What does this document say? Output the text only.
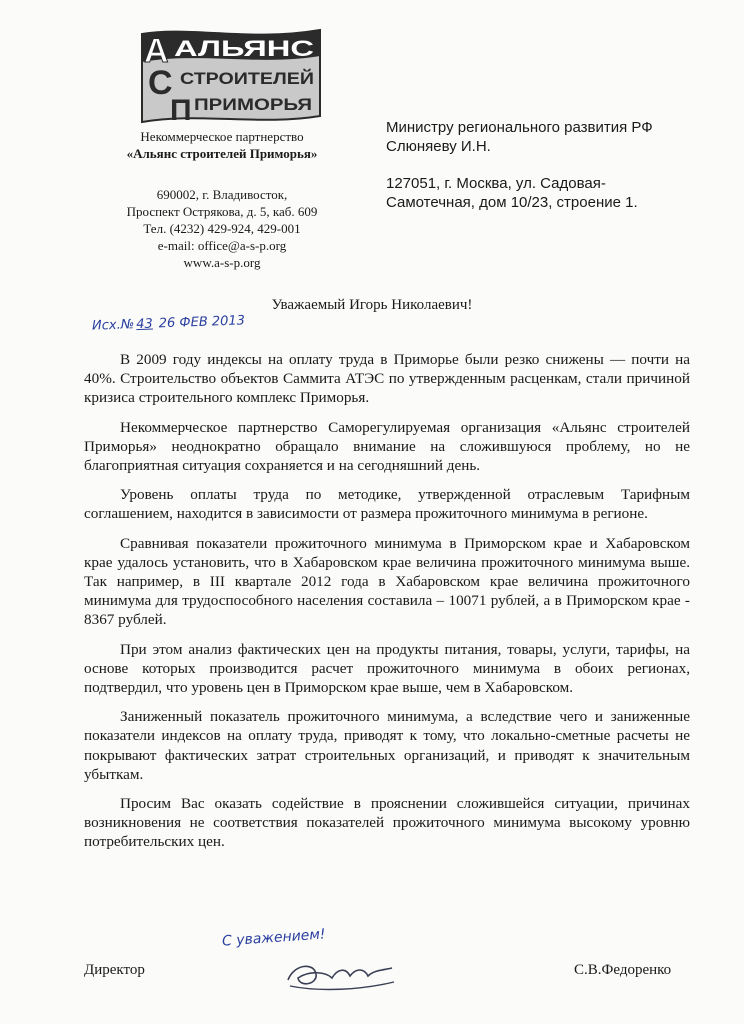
А АЛЬЯНС
С СТРОИТЕЛЕЙ
П ПРИМОРЬЯ
Некоммерческое партнерство
«Альянс строителей Приморья»
690002, г. Владивосток,
Проспект Острякова, д. 5, каб. 609
Тел. (4232) 429-924, 429-001
e-mail: office@a-s-p.org
www.a-s-p.org
Министру регионального развития РФ
Слюняеву И.Н.
127051, г. Москва, ул. Садовая-
Самотечная, дом 10/23, строение 1.
Исх.№43 26 ФЕВ 2013
Уважаемый Игорь Николаевич!

В 2009 году индексы на оплату труда в Приморье были резко снижены — почти на 40%. Строительство объектов Саммита АТЭС по утвержденным расценкам, стали причиной кризиса строительного комплекс Приморья.

Некоммерческое партнерство Саморегулируемая организация «Альянс строителей Приморья» неоднократно обращало внимание на сложившуюся проблему, но не благоприятная ситуация сохраняется и на сегодняшний день.

Уровень оплаты труда по методике, утвержденной отраслевым Тарифным соглашением, находится в зависимости от размера прожиточного минимума в регионе.

Сравнивая показатели прожиточного минимума в Приморском крае и Хабаровском крае удалось установить, что в Хабаровском крае величина прожиточного минимума выше. Так например, в III квартале 2012 года в Хабаровском крае величина прожиточного минимума для трудоспособного населения составила – 10071 рублей, а в Приморском крае - 8367 рублей.

При этом анализ фактических цен на продукты питания, товары, услуги, тарифы, на основе которых производится расчет прожиточного минимума в обоих регионах, подтвердил, что уровень цен в Приморском крае выше, чем в Хабаровском.

Заниженный показатель прожиточного минимума, а вследствие чего и заниженные показатели индексов на оплату труда, приводят к тому, что локально-сметные расчеты не покрывают фактических затрат строительных организаций, и приводят к значительным убыткам.

Просим Вас оказать содействие в прояснении сложившейся ситуации, причинах возникновения не соответствия показателей прожиточного минимума высокому уровню потребительских цен.

С уважением!
Директор	С.В.Федоренко
